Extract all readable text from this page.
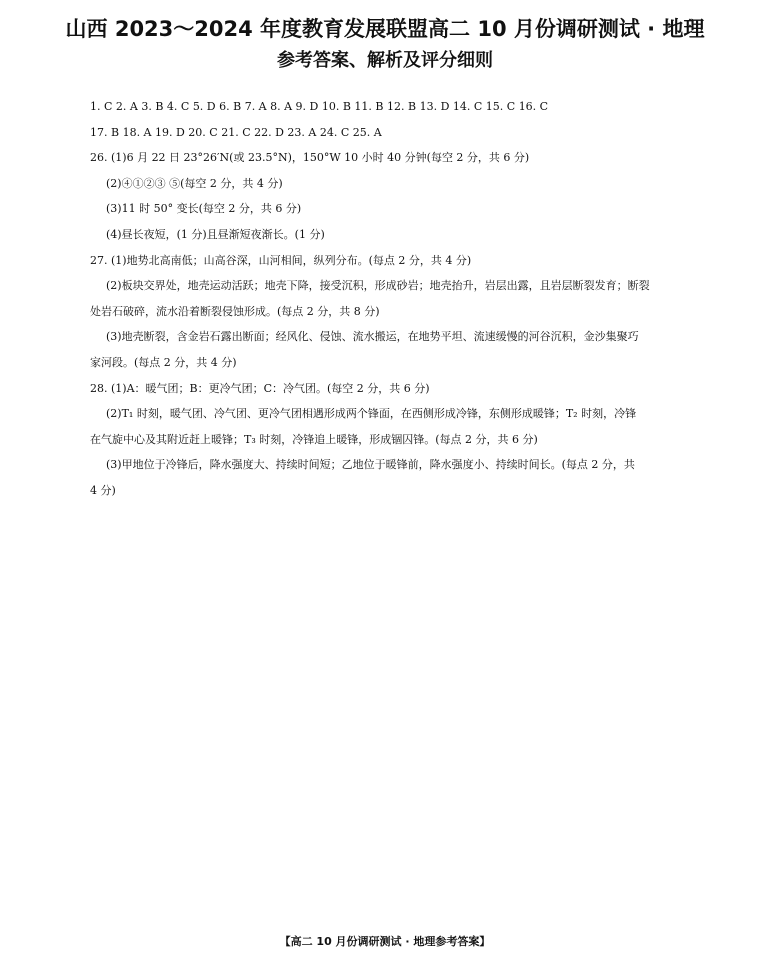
山西 2023～2024 年度教育发展联盟高二 10 月份调研测试 · 地理
参考答案、解析及评分细则
1. C 2. A 3. B 4. C 5. D 6. B 7. A 8. A 9. D 10. B 11. B 12. B 13. D 14. C 15. C 16. C
17. B 18. A 19. D 20. C 21. C 22. D 23. A 24. C 25. A
26. (1)6 月 22 日 23°26′N(或 23.5°N)，150°W 10 小时 40 分钟(每空 2 分，共 6 分)
(2)④①②③ ⑤(每空 2 分，共 4 分)
(3)11 时 50° 变长(每空 2 分，共 6 分)
(4)昼长夜短，(1 分)且昼渐短夜渐长。(1 分)
27. (1)地势北高南低；山高谷深，山河相间，纵列分布。(每点 2 分，共 4 分)
(2)板块交界处，地壳运动活跃；地壳下降，接受沉积，形成砂岩；地壳抬升，岩层出露，且岩层断裂发育；断裂
处岩石破碎，流水沿着断裂侵蚀形成。(每点 2 分，共 8 分)
(3)地壳断裂，含金岩石露出断面；经风化、侵蚀、流水搬运，在地势平坦、流速缓慢的河谷沉积，金沙集聚巧
家河段。(每点 2 分，共 4 分)
28. (1)A：暖气团；B：更冷气团；C：冷气团。(每空 2 分，共 6 分)
(2)T₁ 时刻，暖气团、冷气团、更冷气团相遇形成两个锋面，在西侧形成冷锋，东侧形成暖锋；T₂ 时刻，冷锋
在气旋中心及其附近赶上暖锋；T₃ 时刻，冷锋追上暖锋，形成锢囚锋。(每点 2 分，共 6 分)
(3)甲地位于冷锋后，降水强度大、持续时间短；乙地位于暖锋前，降水强度小、持续时间长。(每点 2 分，共
4 分)
【高二 10 月份调研测试 · 地理参考答案】
